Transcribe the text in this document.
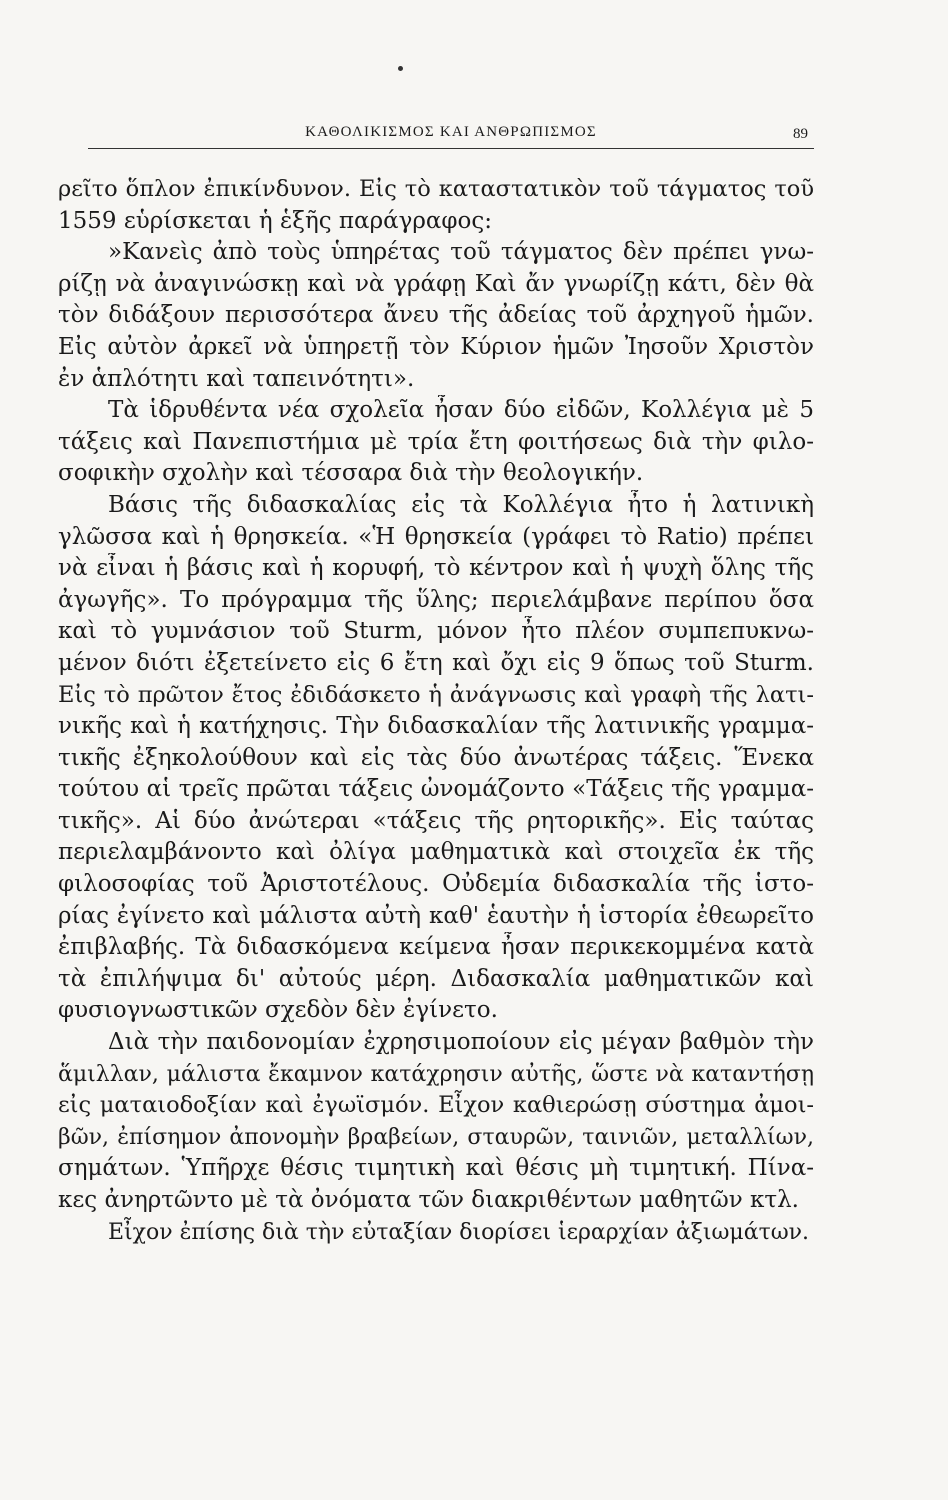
ΚΑΘΟΛΙΚΙΣΜΟΣ ΚΑΙ ΑΝΘΡΩΠΙΣΜΟΣ	89
ρεῖτο ὅπλον ἐπικίνδυνον. Εἰς τὸ καταστατικὸν τοῦ τάγματος τοῦ
1559 εὑρίσκεται ἡ ἑξῆς παράγραφος:
»Κανεὶς ἀπὸ τοὺς ὑπηρέτας τοῦ τάγματος δὲν πρέπει γνω-
ρίζῃ νὰ ἀναγινώσκῃ καὶ νὰ γράφῃ Καὶ ἄν γνωρίζῃ κάτι, δὲν θὰ
τὸν διδάξουν περισσότερα ἄνευ τῆς ἀδείας τοῦ ἀρχηγοῦ ἡμῶν.
Εἰς αὐτὸν ἀρκεῖ νὰ ὑπηρετῇ τὸν Κύριον ἡμῶν Ἰησοῦν Χριστὸν
ἐν ἁπλότητι καὶ ταπεινότητι».
Τὰ ἱδρυθέντα νέα σχολεῖα ἦσαν δύο εἰδῶν, Κολλέγια μὲ 5
τάξεις καὶ Πανεπιστήμια μὲ τρία ἔτη φοιτήσεως διὰ τὴν φιλο-
σοφικὴν σχολὴν καὶ τέσσαρα διὰ τὴν θεολογικήν.
Βάσις τῆς διδασκαλίας εἰς τὰ Κολλέγια ἦτο ἡ λατινικὴ
γλῶσσα καὶ ἡ θρησκεία. «Ἡ θρησκεία (γράφει τὸ Ratio) πρέπει
νὰ εἶναι ἡ βάσις καὶ ἡ κορυφή, τὸ κέντρον καὶ ἡ ψυχὴ ὅλης τῆς
ἀγωγῆς». Το πρόγραμμα τῆς ὕλης; περιελάμβανε περίπου ὅσα
καὶ τὸ γυμνάσιον τοῦ Sturm, μόνον ἦτο πλέον συμπεπυκνω-
μένον διότι ἐξετείνετο εἰς 6 ἔτη καὶ ὄχι εἰς 9 ὅπως τοῦ Sturm.
Εἰς τὸ πρῶτον ἔτος ἐδιδάσκετο ἡ ἀνάγνωσις καὶ γραφὴ τῆς λατι-
νικῆς καὶ ἡ κατήχησις. Τὴν διδασκαλίαν τῆς λατινικῆς γραμμα-
τικῆς ἐξηκολούθουν καὶ εἰς τὰς δύο ἀνωτέρας τάξεις. Ἕνεκα
τούτου αἱ τρεῖς πρῶται τάξεις ὠνομάζοντο «Τάξεις τῆς γραμμα-
τικῆς». Αἱ δύο ἀνώτεραι «τάξεις τῆς ρητορικῆς». Εἰς ταύτας
περιελαμβάνοντο καὶ ὀλίγα μαθηματικὰ καὶ στοιχεῖα ἐκ τῆς
φιλοσοφίας τοῦ Ἀριστοτέλους. Οὐδεμία διδασκαλία τῆς ἱστο-
ρίας ἐγίνετο καὶ μάλιστα αὐτὴ καθ' ἑαυτὴν ἡ ἱστορία ἐθεωρεῖτο
ἐπιβλαβής. Τὰ διδασκόμενα κείμενα ἦσαν περικεκομμένα κατὰ
τὰ ἐπιλήψιμα δι' αὐτούς μέρη. Διδασκαλία μαθηματικῶν καὶ
φυσιογνωστικῶν σχεδὸν δὲν ἐγίνετο.
Διὰ τὴν παιδονομίαν ἐχρησιμοποίουν εἰς μέγαν βαθμὸν τὴν
ἅμιλλαν, μάλιστα ἔκαμνον κατάχρησιν αὐτῆς, ὥστε νὰ καταντήσῃ
εἰς ματαιοδοξίαν καὶ ἐγωϊσμόν. Εἶχον καθιερώσῃ σύστημα ἀμοι-
βῶν, ἐπίσημον ἀπονομὴν βραβείων, σταυρῶν, ταινιῶν, μεταλλίων,
σημάτων. Ὑπῆρχε θέσις τιμητικὴ καὶ θέσις μὴ τιμητική. Πίνα-
κες ἀνηρτῶντο μὲ τὰ ὀνόματα τῶν διακριθέντων μαθητῶν κτλ.
Εἶχον ἐπίσης διὰ τὴν εὐταξίαν διορίσει ἱεραρχίαν ἀξιωμάτων.
